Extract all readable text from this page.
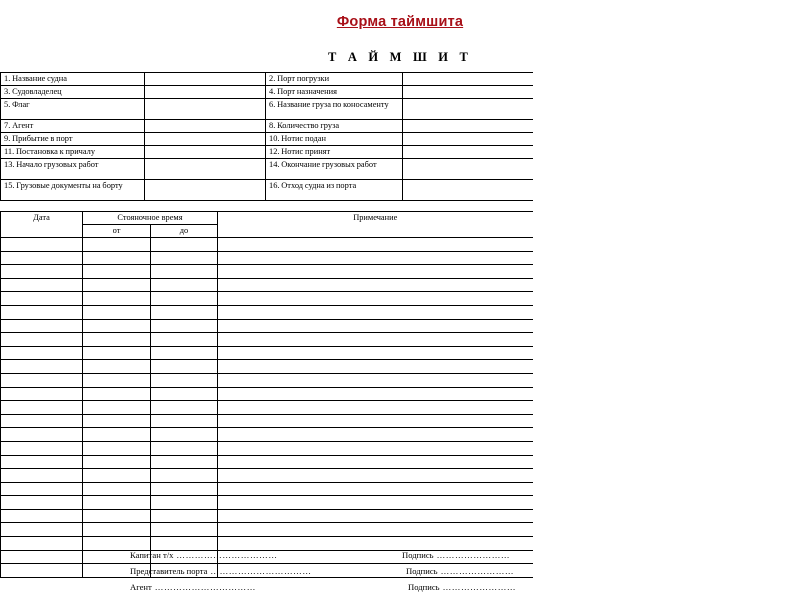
Форма таймшита
Т А Й М Ш И Т
1. Название судна		2. Порт погрузки	
3. Судовладелец		4. Порт назначения	
5. Флаг		6. Название груза по коносаменту	
7. Агент		8. Количество груза	
9. Прибытие в порт		10. Нотис подан	
11. Постановка к причалу		12. Нотис принят	
13. Начало грузовых работ		14. Окончание грузовых работ	
15. Грузовые документы на борту		16. Отход судна из порта	
Дата	Стояночное время		Примечание
	от	до	

Капитан т/х ……………………………	Подпись ……………………
Представитель порта ……………………………	Подпись ……………………
Агент ……………………………	Подпись ……………………
